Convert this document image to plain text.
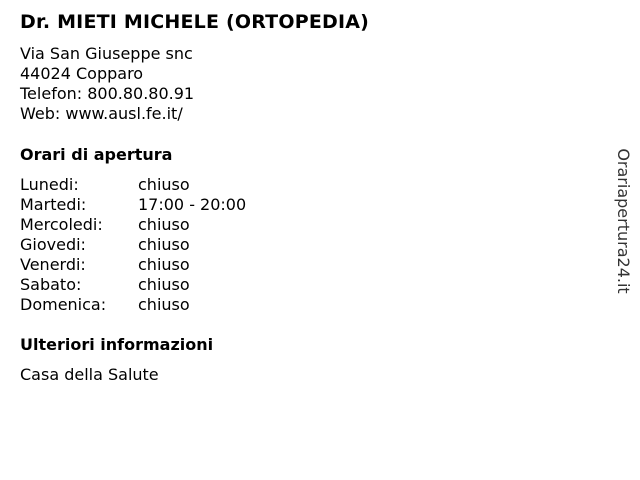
Dr. MIETI MICHELE (ORTOPEDIA)
Via San Giuseppe snc
44024 Copparo
Telefon: 800.80.80.91
Web: www.ausl.fe.it/
Orari di apertura
Lunedi:	chiuso
Martedi:	17:00 - 20:00
Mercoledi: chiuso
Giovedi:	chiuso
Venerdi:	chiuso
Sabato:	chiuso
Domenica: chiuso
Ulteriori informazioni
Casa della Salute
Orariapertura24.it
